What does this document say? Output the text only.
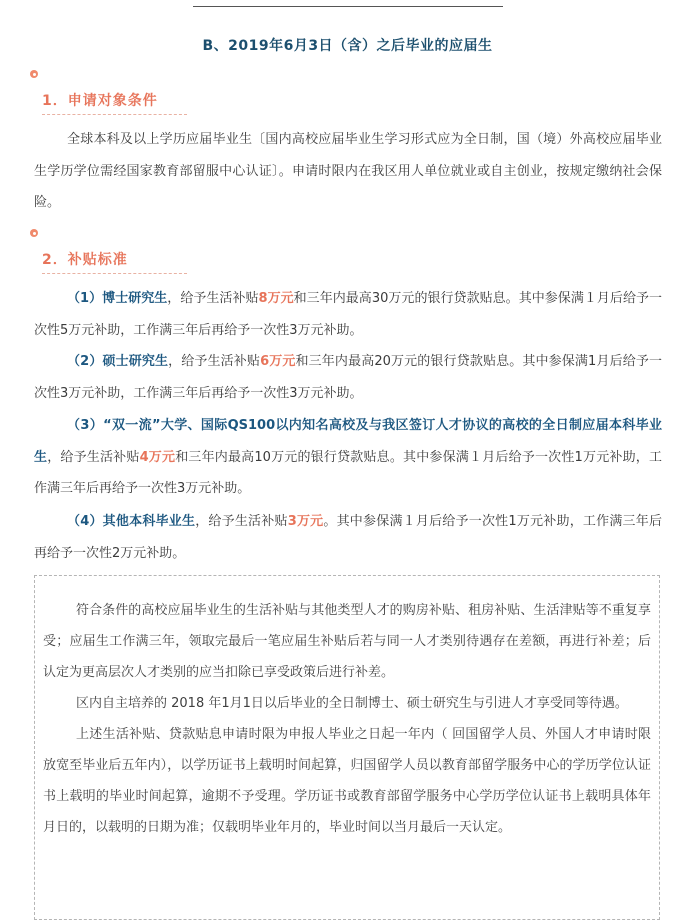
B、2019年6月3日（含）之后毕业的应届生
1．申请对象条件

全球本科及以上学历应届毕业生〔国内高校应届毕业生学习形式应为全日制，国（境）外高校应届毕业生学历学位需经国家教育部留服中心认证〕。申请时限内在我区用人单位就业或自主创业，按规定缴纳社会保险。

2．补贴标准

（1）博士研究生，给予生活补贴8万元和三年内最高30万元的银行贷款贴息。其中参保满１月后给予一次性5万元补助，工作满三年后再给予一次性3万元补助。

（2）硕士研究生，给予生活补贴6万元和三年内最高20万元的银行贷款贴息。其中参保满1月后给予一次性3万元补助，工作满三年后再给予一次性3万元补助。

（3）“双一流”大学、国际QS100以内知名高校及与我区签订人才协议的高校的全日制应届本科毕业生，给予生活补贴4万元和三年内最高10万元的银行贷款贴息。其中参保满１月后给予一次性1万元补助，工作满三年后再给予一次性3万元补助。

（4）其他本科毕业生，给予生活补贴3万元。其中参保满１月后给予一次性1万元补助，工作满三年后再给予一次性2万元补助。

符合条件的高校应届毕业生的生活补贴与其他类型人才的购房补贴、租房补贴、生活津贴等不重复享受；应届生工作满三年，领取完最后一笔应届生补贴后若与同一人才类别待遇存在差额，再进行补差；后认定为更高层次人才类别的应当扣除已享受政策后进行补差。

区内自主培养的 2018 年1月1日以后毕业的全日制博士、硕士研究生与引进人才享受同等待遇。

上述生活补贴、贷款贴息申请时限为申报人毕业之日起一年内（ 回国留学人员、外国人才申请时限放宽至毕业后五年内），以学历证书上载明时间起算，归国留学人员以教育部留学服务中心的学历学位认证书上载明的毕业时间起算，逾期不予受理。学历证书或教育部留学服务中心学历学位认证书上载明具体年月日的，以载明的日期为准；仅载明毕业年月的，毕业时间以当月最后一天认定。
